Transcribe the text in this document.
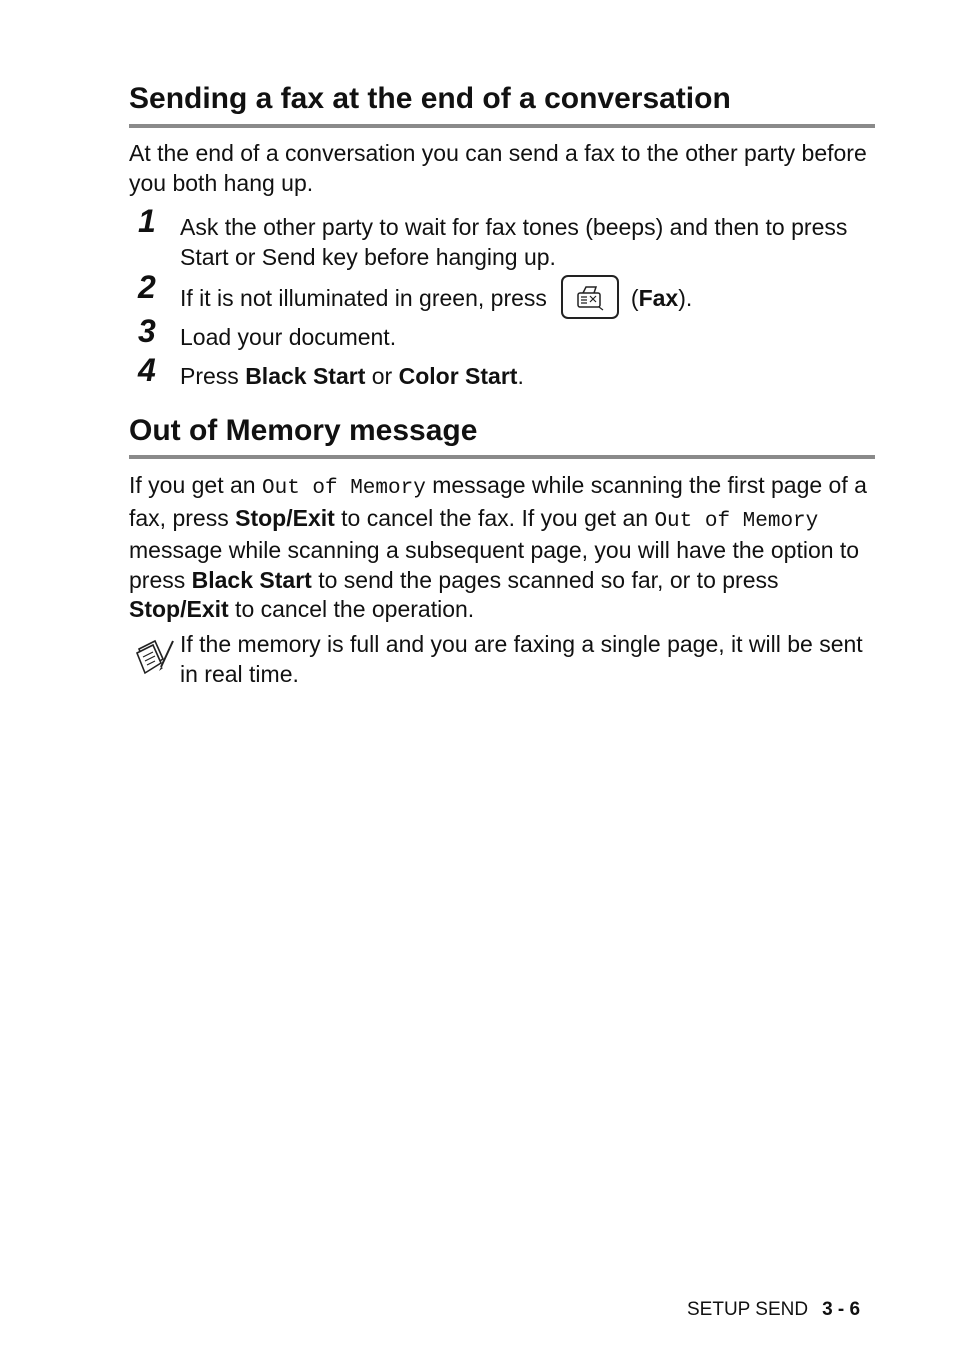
Sending a fax at the end of a conversation

At the end of a conversation you can send a fax to the other party before you both hang up.

1 Ask the other party to wait for fax tones (beeps) and then to press Start or Send key before hanging up.
2 If it is not illuminated in green, press	(Fax).
3 Load your document.
4 Press Black Start or Color Start.
Out of Memory message

If you get an Out of Memory message while scanning the first page of a fax, press Stop/Exit to cancel the fax. If you get an Out of Memory message while scanning a subsequent page, you will have the option to press Black Start to send the pages scanned so far, or to press Stop/Exit to cancel the operation.

If the memory is full and you are faxing a single page, it will be sent in real time.
SETUP SEND 3 - 6
